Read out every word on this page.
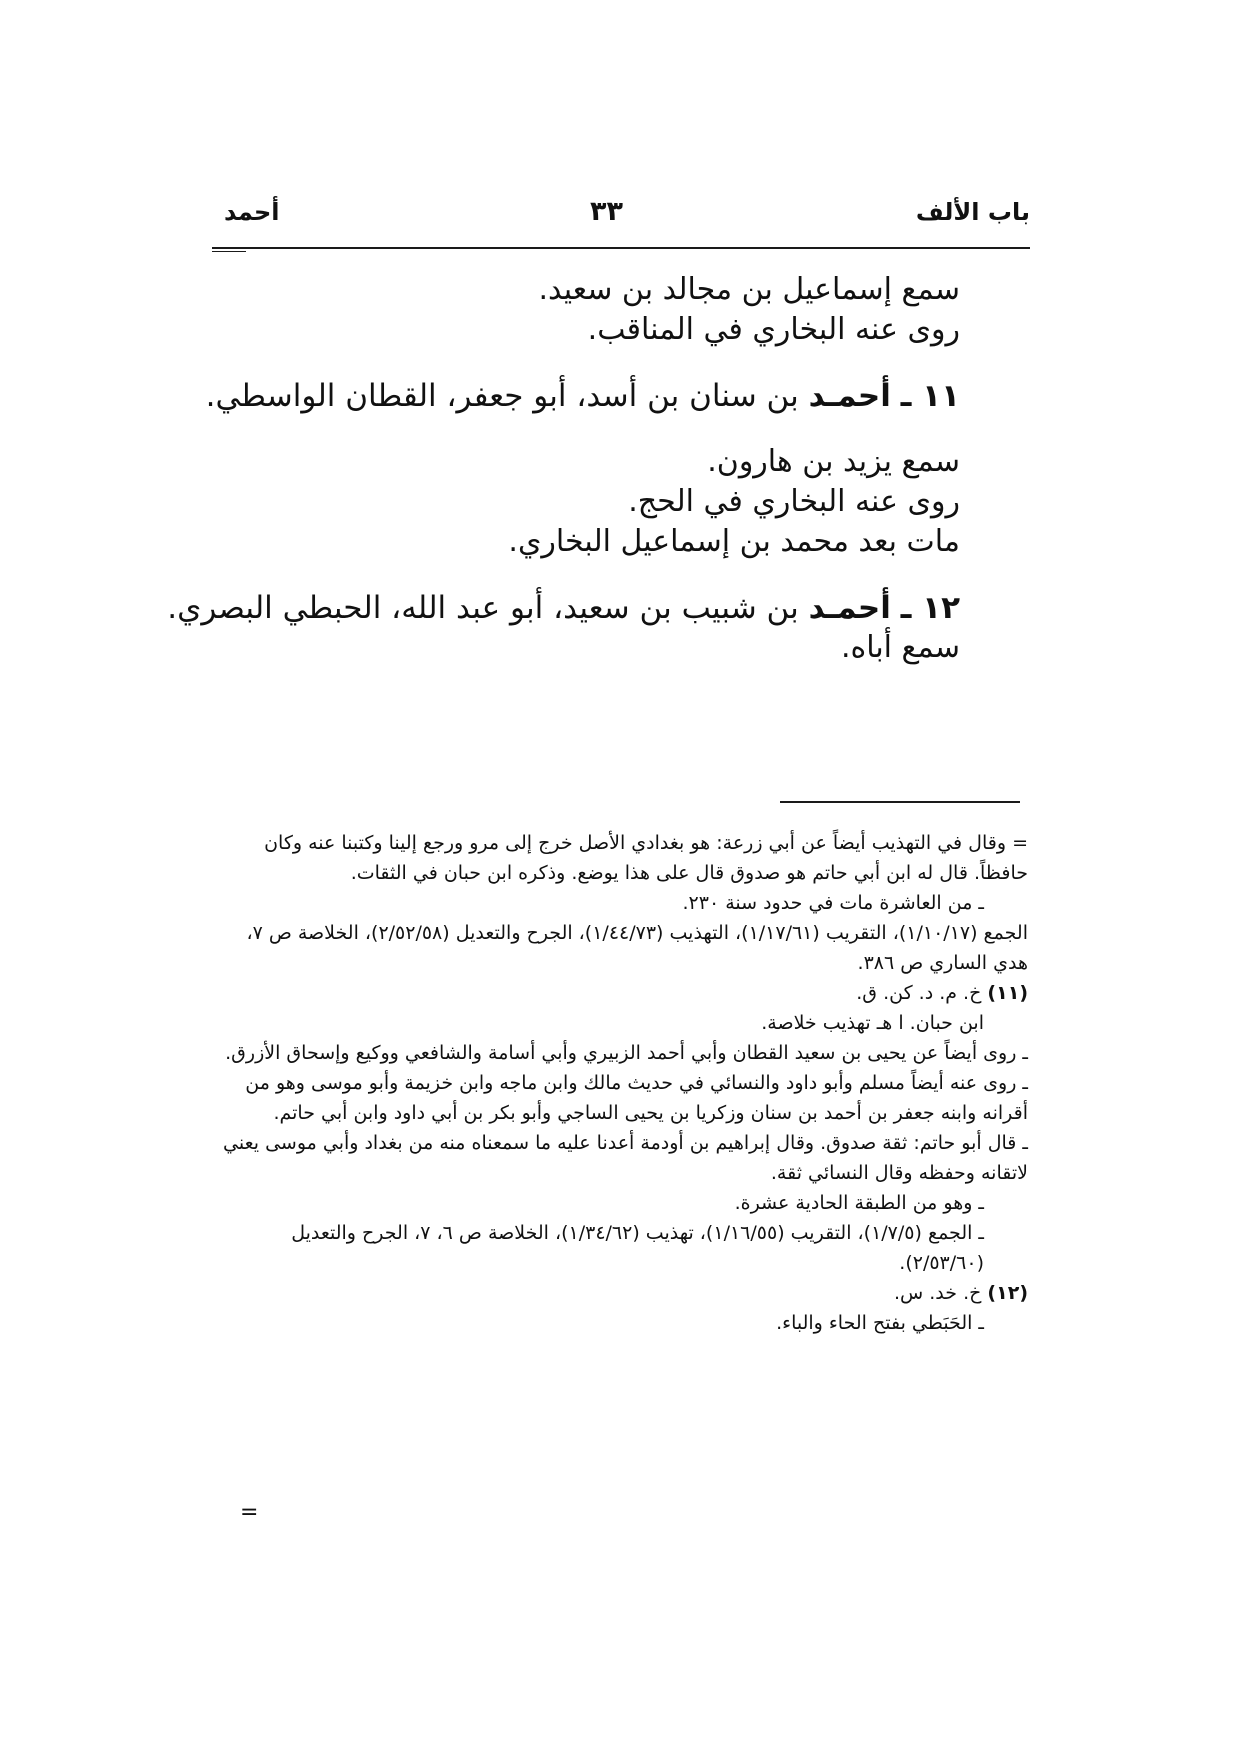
باب الألف
٣٣
أحمد

سمع إسماعيل بن مجالد بن سعيد.

روى عنه البخاري في المناقب.

١١ ـ أحمـد بن سنان بن أسد، أبو جعفر، القطان الواسطي.

سمع يزيد بن هارون.

روى عنه البخاري في الحج.

مات بعد محمد بن إسماعيل البخاري.

١٢ ـ أحمـد بن شبيب بن سعيد، أبو عبد الله، الحبطي البصري.

سمع أباه.

= وقال في التهذيب أيضاً عن أبي زرعة: هو بغدادي الأصل خرج إلى مرو ورجع إلينا وكتبنا عنه وكان حافظاً. قال له ابن أبي حاتم هو صدوق قال على هذا يوضع. وذكره ابن حبان في الثقات.

ـ من العاشرة مات في حدود سنة ٢٣٠.

الجمع (١/١٠/١٧)، التقريب (١/١٧/٦١)، التهذيب (١/٤٤/٧٣)، الجرح والتعديل (٢/٥٢/٥٨)، الخلاصة ص ٧، هدي الساري ص ٣٨٦.

(١١) خ. م. د. كن. ق.

ابن حبان. ا هـ تهذيب خلاصة.

ـ روى أيضاً عن يحيى بن سعيد القطان وأبي أحمد الزبيري وأبي أسامة والشافعي ووكيع وإسحاق الأزرق.

ـ روى عنه أيضاً مسلم وأبو داود والنسائي في حديث مالك وابن ماجه وابن خزيمة وأبو موسى وهو من أقرانه وابنه جعفر بن أحمد بن سنان وزكريا بن يحيى الساجي وأبو بكر بن أبي داود وابن أبي حاتم.

ـ قال أبو حاتم: ثقة صدوق. وقال إبراهيم بن أودمة أعدنا عليه ما سمعناه منه من بغداد وأبي موسى يعني لاتقانه وحفظه وقال النسائي ثقة.

ـ وهو من الطبقة الحادية عشرة.

ـ الجمع (١/٧/٥)، التقريب (١/١٦/٥٥)، تهذيب (١/٣٤/٦٢)، الخلاصة ص ٦، ٧، الجرح والتعديل (٢/٥٣/٦٠).

(١٢) خ. خد. س.

ـ الحَبَطي بفتح الحاء والباء.

=
